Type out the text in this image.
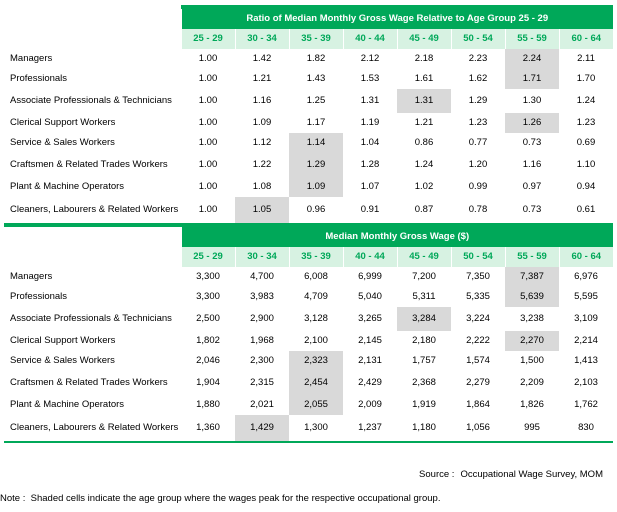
	Ratio of Median Monthly Gross Wage Relative to Age Group 25 - 29							
	25 - 29	30 - 34	35 - 39	40 - 44	45 - 49	50 - 54	55 - 59	60 - 64
Managers	1.00	1.42	1.82	2.12	2.18	2.23	2.24	2.11
Professionals	1.00	1.21	1.43	1.53	1.61	1.62	1.71	1.70
Associate Professionals & Technicians	1.00	1.16	1.25	1.31	1.31	1.29	1.30	1.24
Clerical Support Workers	1.00	1.09	1.17	1.19	1.21	1.23	1.26	1.23
Service & Sales Workers	1.00	1.12	1.14	1.04	0.86	0.77	0.73	0.69
Craftsmen & Related Trades Workers	1.00	1.22	1.29	1.28	1.24	1.20	1.16	1.10
Plant & Machine Operators	1.00	1.08	1.09	1.07	1.02	0.99	0.97	0.94
Cleaners, Labourers & Related Workers	1.00	1.05	0.96	0.91	0.87	0.78	0.73	0.61

	Median Monthly Gross Wage ($)							
	25 - 29	30 - 34	35 - 39	40 - 44	45 - 49	50 - 54	55 - 59	60 - 64
Managers	3,300	4,700	6,008	6,999	7,200	7,350	7,387	6,976
Professionals	3,300	3,983	4,709	5,040	5,311	5,335	5,639	5,595
Associate Professionals & Technicians	2,500	2,900	3,128	3,265	3,284	3,224	3,238	3,109
Clerical Support Workers	1,802	1,968	2,100	2,145	2,180	2,222	2,270	2,214
Service & Sales Workers	2,046	2,300	2,323	2,131	1,757	1,574	1,500	1,413
Craftsmen & Related Trades Workers	1,904	2,315	2,454	2,429	2,368	2,279	2,209	2,103
Plant & Machine Operators	1,880	2,021	2,055	2,009	1,919	1,864	1,826	1,762
Cleaners, Labourers & Related Workers	1,360	1,429	1,300	1,237	1,180	1,056	995	830
Source : Occupational Wage Survey, MOM
Note : Shaded cells indicate the age group where the wages peak for the respective occupational group.
